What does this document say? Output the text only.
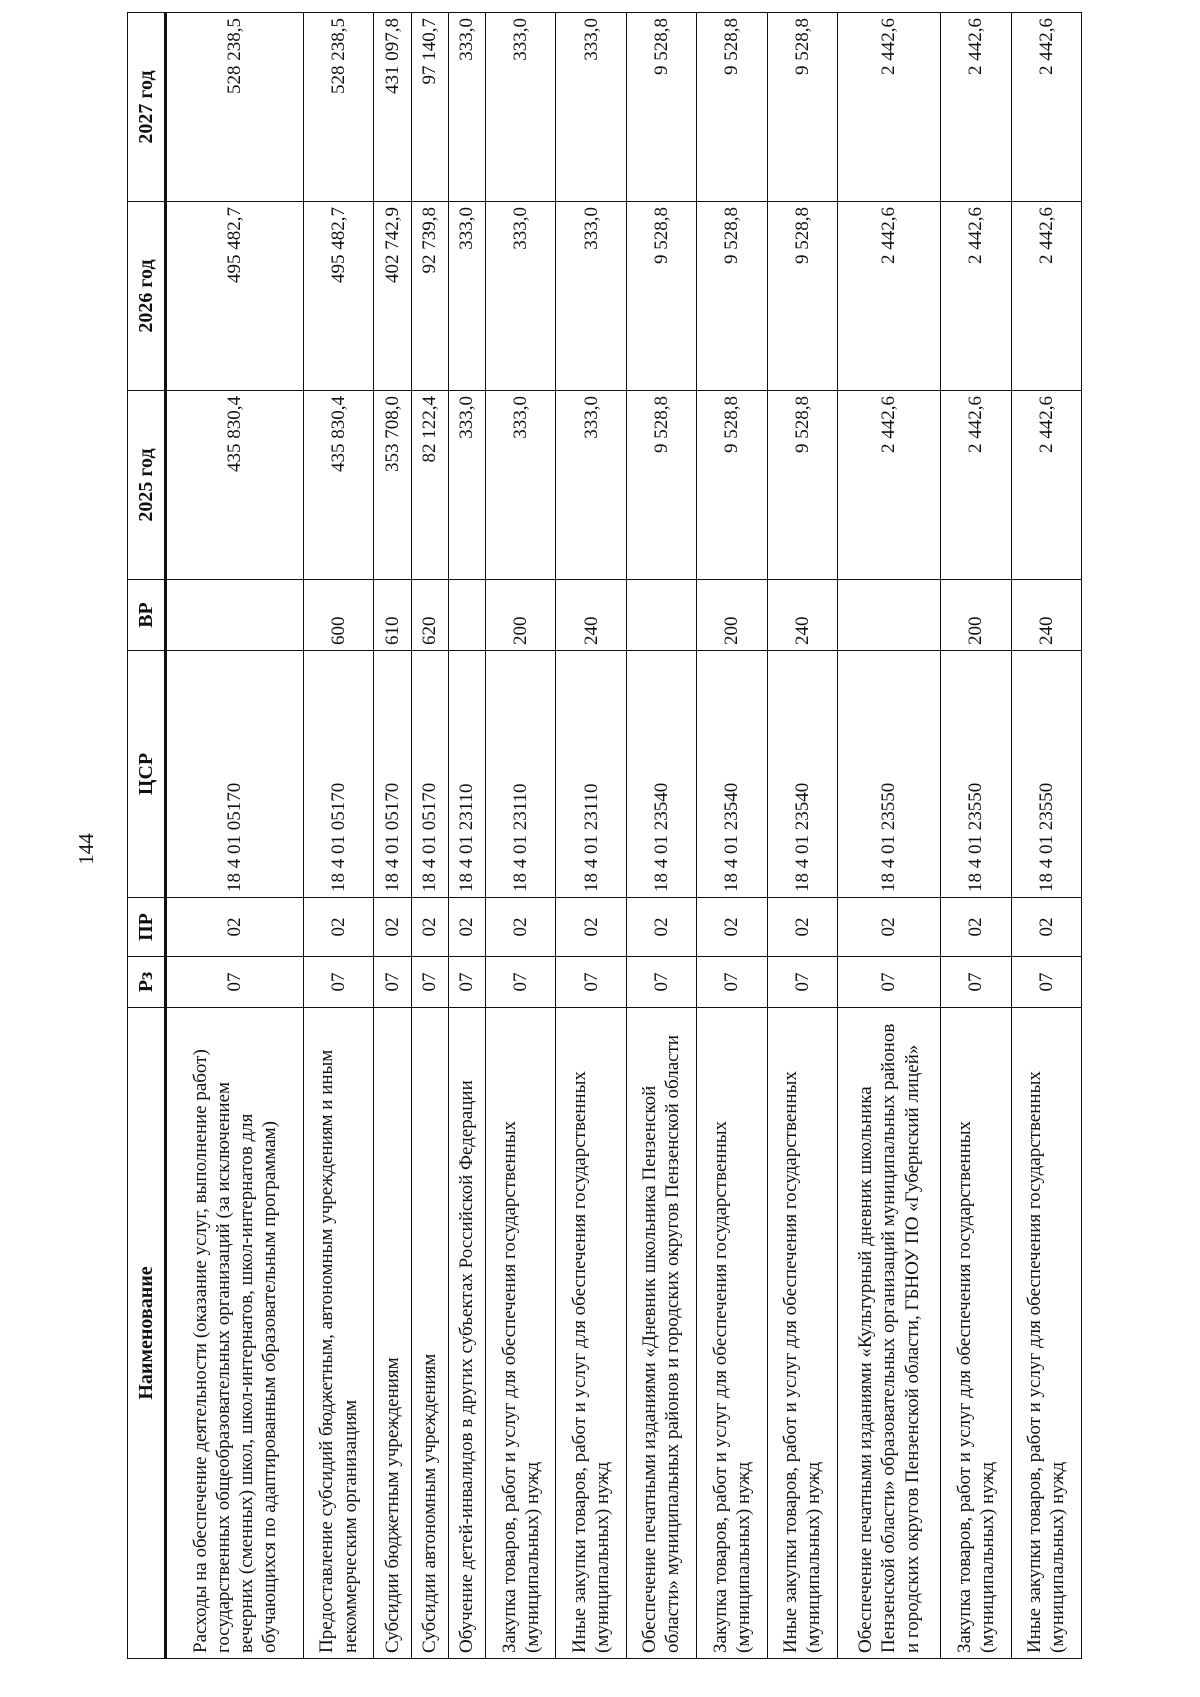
144
Наименование	Рз	ПР	ЦСР	ВР	2025 год	2026 год	2027 год
Расходы на обеспечение деятельности (оказание услуг, выполнение работ) государственных общеобразовательных организаций (за исключением вечерних (сменных) школ, школ-интернатов, школ-интернатов для обучающихся по адаптированным образовательным программам)	07	02	18 4 01 05170		435 830,4	495 482,7	528 238,5
Предоставление субсидий бюджетным, автономным учреждениям и иным некоммерческим организациям	07	02	18 4 01 05170	600	435 830,4	495 482,7	528 238,5
Субсидии бюджетным учреждениям	07	02	18 4 01 05170	610	353 708,0	402 742,9	431 097,8
Субсидии автономным учреждениям	07	02	18 4 01 05170	620	82 122,4	92 739,8	97 140,7
Обучение детей-инвалидов в других субъектах Российской Федерации	07	02	18 4 01 23110		333,0	333,0	333,0
Закупка товаров, работ и услуг для обеспечения государственных (муниципальных) нужд	07	02	18 4 01 23110	200	333,0	333,0	333,0
Иные закупки товаров, работ и услуг для обеспечения государственных (муниципальных) нужд	07	02	18 4 01 23110	240	333,0	333,0	333,0
Обеспечение печатными изданиями «Дневник школьника Пензенской области» муниципальных районов и городских округов Пензенской области	07	02	18 4 01 23540		9 528,8	9 528,8	9 528,8
Закупка товаров, работ и услуг для обеспечения государственных (муниципальных) нужд	07	02	18 4 01 23540	200	9 528,8	9 528,8	9 528,8
Иные закупки товаров, работ и услуг для обеспечения государственных (муниципальных) нужд	07	02	18 4 01 23540	240	9 528,8	9 528,8	9 528,8
Обеспечение печатными изданиями «Культурный дневник школьника Пензенской области» образовательных организаций муниципальных районов и городских округов Пензенской области, ГБНОУ ПО «Губернский лицей»	07	02	18 4 01 23550		2 442,6	2 442,6	2 442,6
Закупка товаров, работ и услуг для обеспечения государственных (муниципальных) нужд	07	02	18 4 01 23550	200	2 442,6	2 442,6	2 442,6
Иные закупки товаров, работ и услуг для обеспечения государственных (муниципальных) нужд	07	02	18 4 01 23550	240	2 442,6	2 442,6	2 442,6
